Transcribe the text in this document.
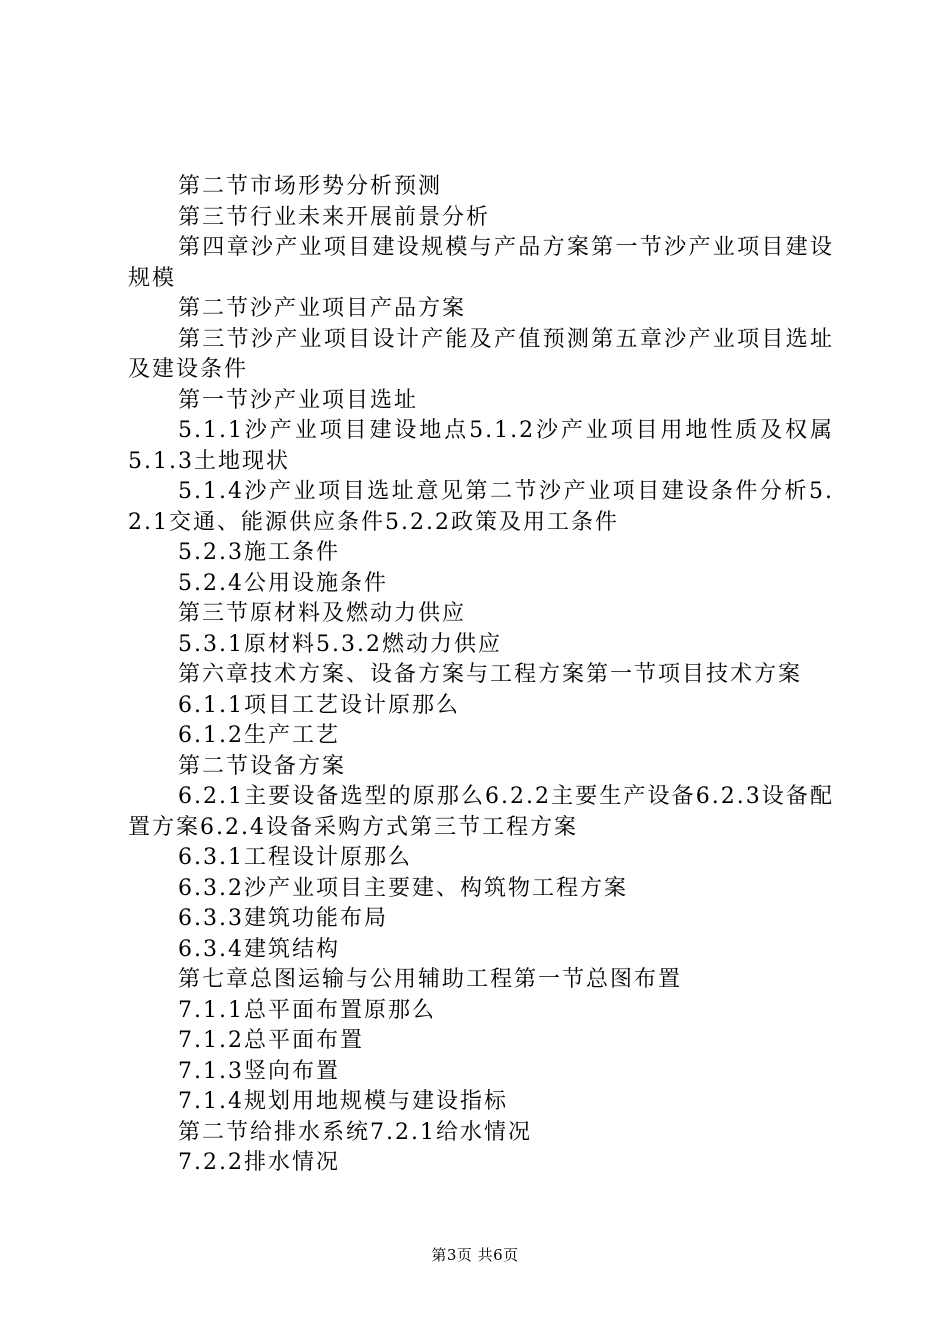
第二节市场形势分析预测

第三节行业未来开展前景分析

第四章沙产业项目建设规模与产品方案第一节沙产业项目建设规模

第二节沙产业项目产品方案

第三节沙产业项目设计产能及产值预测第五章沙产业项目选址及建设条件

第一节沙产业项目选址

5.1.1沙产业项目建设地点5.1.2沙产业项目用地性质及权属5.1.3土地现状

5.1.4沙产业项目选址意见第二节沙产业项目建设条件分析5.2.1交通、能源供应条件5.2.2政策及用工条件

5.2.3施工条件

5.2.4公用设施条件

第三节原材料及燃动力供应

5.3.1原材料5.3.2燃动力供应

第六章技术方案、设备方案与工程方案第一节项目技术方案

6.1.1项目工艺设计原那么

6.1.2生产工艺

第二节设备方案

6.2.1主要设备选型的原那么6.2.2主要生产设备6.2.3设备配置方案6.2.4设备采购方式第三节工程方案

6.3.1工程设计原那么

6.3.2沙产业项目主要建、构筑物工程方案

6.3.3建筑功能布局

6.3.4建筑结构

第七章总图运输与公用辅助工程第一节总图布置

7.1.1总平面布置原那么

7.1.2总平面布置

7.1.3竖向布置

7.1.4规划用地规模与建设指标

第二节给排水系统7.2.1给水情况

7.2.2排水情况

第3页 共6页
